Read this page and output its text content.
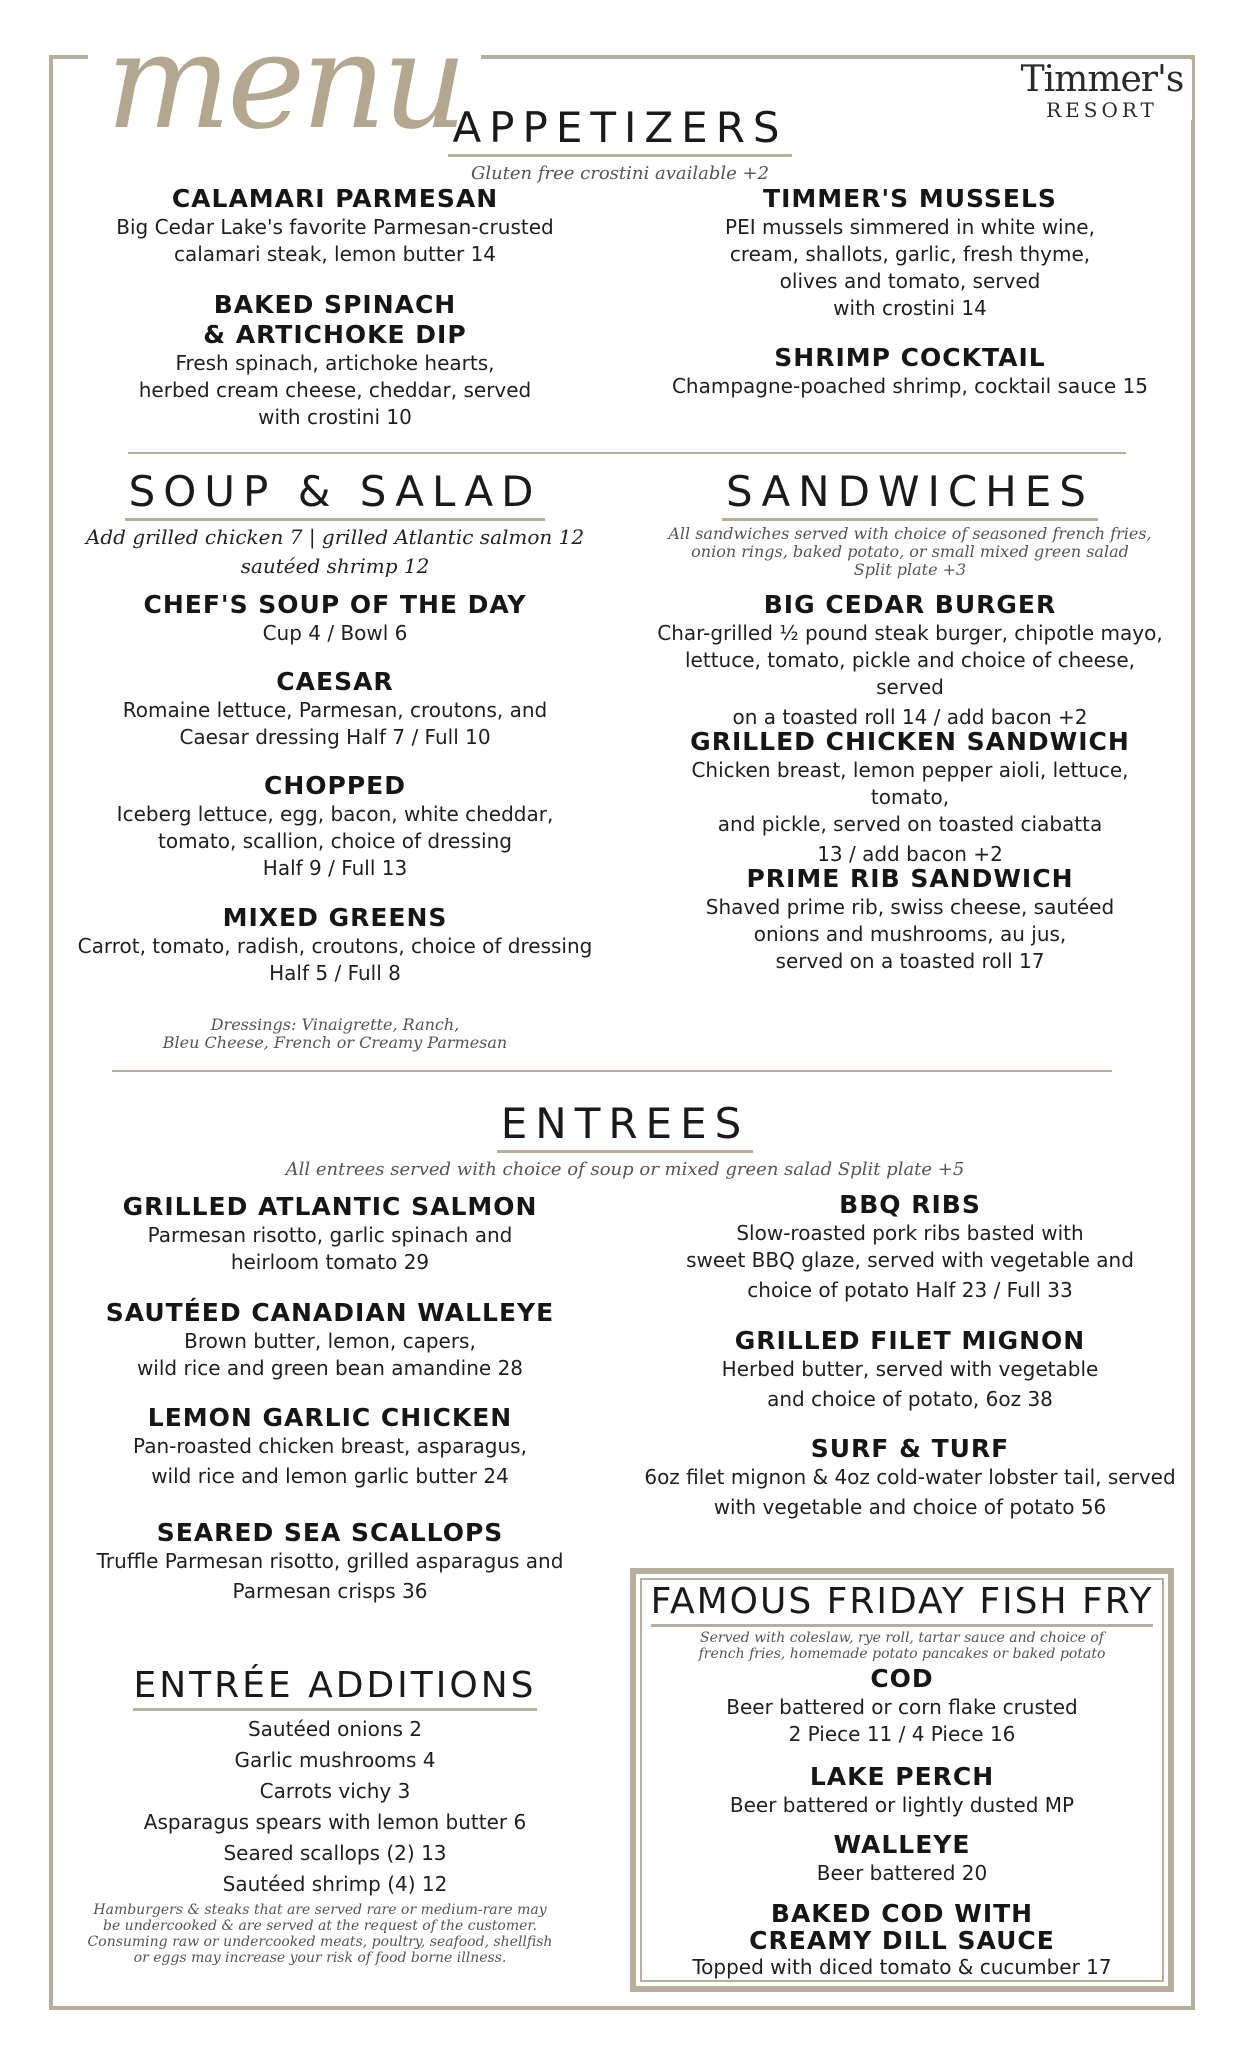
menu	Timmer's
RESORT
APPETIZERS
Gluten free crostini available +2
CALAMARI PARMESAN
Big Cedar Lake's favorite Parmesan-crusted
calamari steak, lemon butter 14
TIMMER'S MUSSELS
PEI mussels simmered in white wine,
cream, shallots, garlic, fresh thyme,
olives and tomato, served
with crostini 14
BAKED SPINACH
& ARTICHOKE DIP
Fresh spinach, artichoke hearts,
herbed cream cheese, cheddar, served
with crostini 10
SHRIMP COCKTAIL
Champagne-poached shrimp, cocktail sauce 15
SOUP & SALAD
Add grilled chicken 7 | grilled Atlantic salmon 12
sautéed shrimp 12
CHEF'S SOUP OF THE DAY
Cup 4 / Bowl 6
CAESAR
Romaine lettuce, Parmesan, croutons, and
Caesar dressing Half 7 / Full 10
CHOPPED
Iceberg lettuce, egg, bacon, white cheddar,
tomato, scallion, choice of dressing
Half 9 / Full 13
MIXED GREENS
Carrot, tomato, radish, croutons, choice of dressing
Half 5 / Full 8
Dressings: Vinaigrette, Ranch,
Bleu Cheese, French or Creamy Parmesan
SANDWICHES
All sandwiches served with choice of seasoned french fries,
onion rings, baked potato, or small mixed green salad
Split plate +3
BIG CEDAR BURGER
Char-grilled ½ pound steak burger, chipotle mayo,
lettuce, tomato, pickle and choice of cheese, served
on a toasted roll 14 / add bacon +2
GRILLED CHICKEN SANDWICH
Chicken breast, lemon pepper aioli, lettuce, tomato,
and pickle, served on toasted ciabatta
13 / add bacon +2
PRIME RIB SANDWICH
Shaved prime rib, swiss cheese, sautéed
onions and mushrooms, au jus,
served on a toasted roll 17
ENTREES
All entrees served with choice of soup or mixed green salad Split plate +5
GRILLED ATLANTIC SALMON
Parmesan risotto, garlic spinach and
heirloom tomato 29
SAUTÉED CANADIAN WALLEYE
Brown butter, lemon, capers,
wild rice and green bean amandine 28
LEMON GARLIC CHICKEN
Pan-roasted chicken breast, asparagus,
wild rice and lemon garlic butter 24
SEARED SEA SCALLOPS
Truffle Parmesan risotto, grilled asparagus and
Parmesan crisps 36
BBQ RIBS
Slow-roasted pork ribs basted with
sweet BBQ glaze, served with vegetable and
choice of potato Half 23 / Full 33
GRILLED FILET MIGNON
Herbed butter, served with vegetable
and choice of potato, 6oz 38
SURF & TURF
6oz filet mignon & 4oz cold-water lobster tail, served
with vegetable and choice of potato 56
ENTRÉE ADDITIONS
Sautéed onions 2
Garlic mushrooms 4
Carrots vichy 3
Asparagus spears with lemon butter 6
Seared scallops (2) 13
Sautéed shrimp (4) 12
Hamburgers & steaks that are served rare or medium-rare may
be undercooked & are served at the request of the customer.
Consuming raw or undercooked meats, poultry, seafood, shellfish
or eggs may increase your risk of food borne illness.
FAMOUS FRIDAY FISH FRY
Served with coleslaw, rye roll, tartar sauce and choice of
french fries, homemade potato pancakes or baked potato
COD
Beer battered or corn flake crusted
2 Piece 11 / 4 Piece 16
LAKE PERCH
Beer battered or lightly dusted MP
WALLEYE
Beer battered 20
BAKED COD WITH
CREAMY DILL SAUCE
Topped with diced tomato & cucumber 17
